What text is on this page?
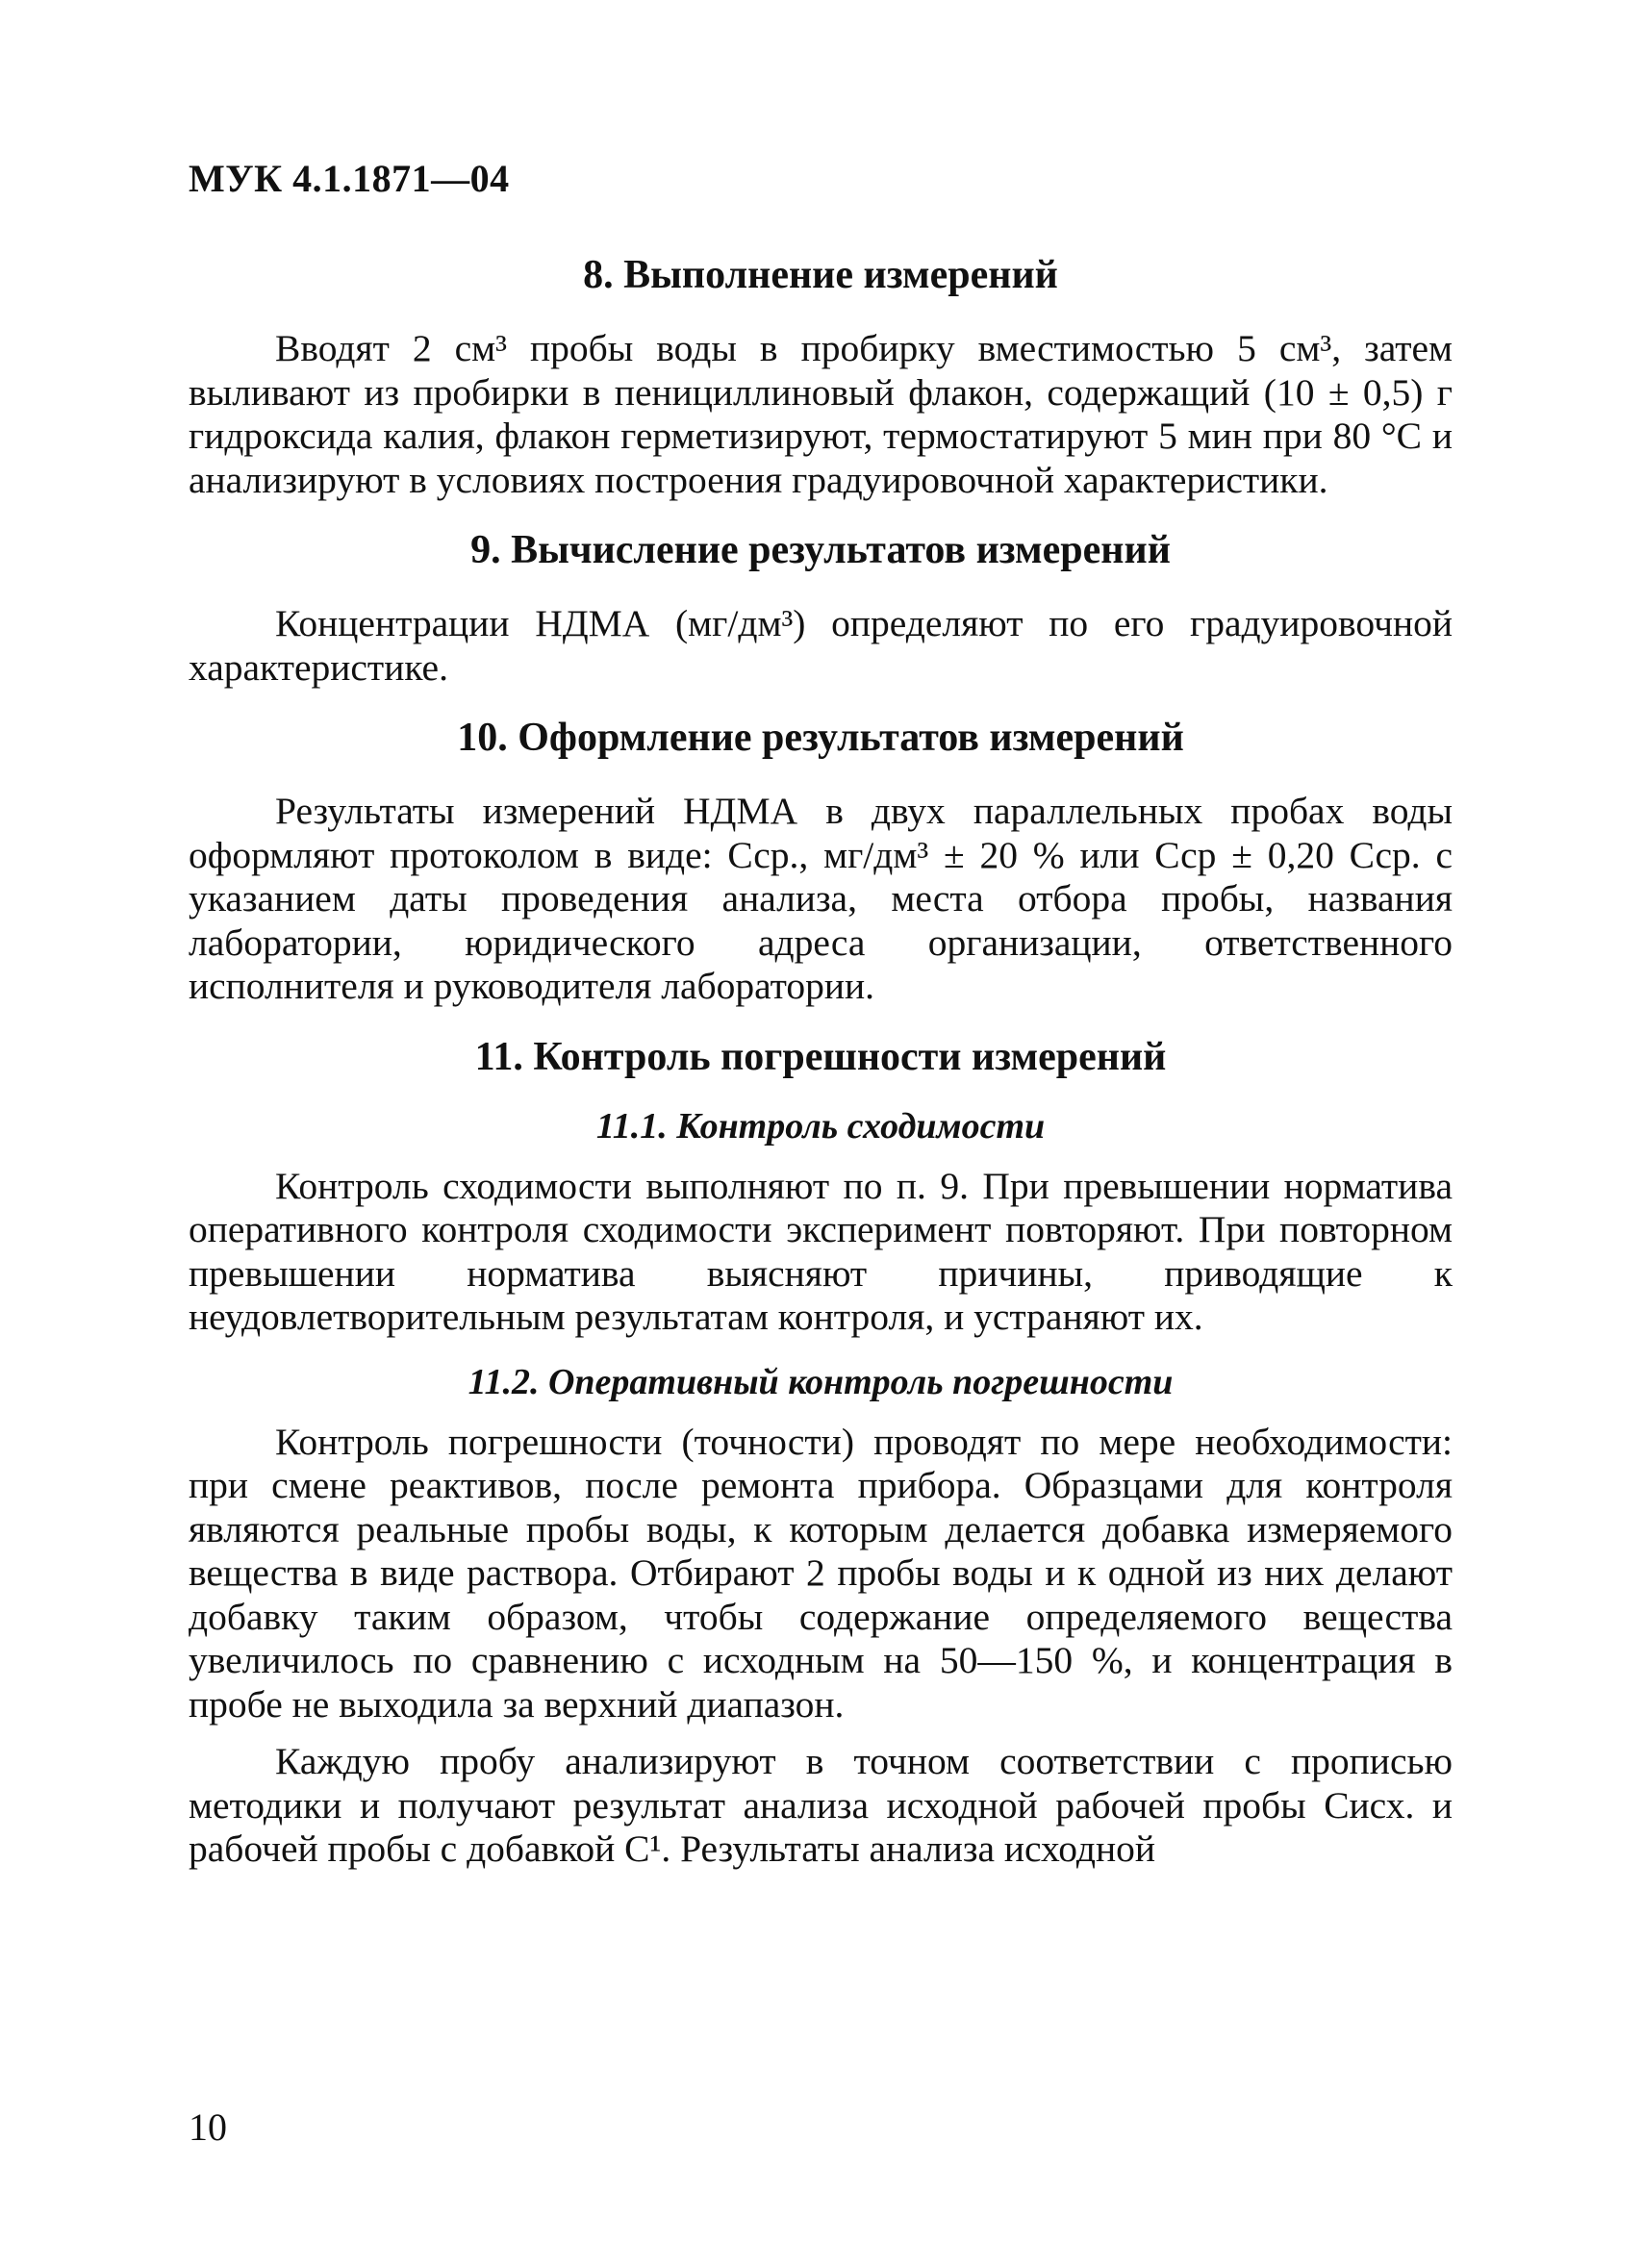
МУК 4.1.1871—04
8. Выполнение измерений

Вводят 2 см³ пробы воды в пробирку вместимостью 5 см³, затем выливают из пробирки в пенициллиновый флакон, содержащий (10 ± 0,5) г гидроксида калия, флакон герметизируют, термостатируют 5 мин при 80 °С и анализируют в условиях построения градуировочной характеристики.

9. Вычисление результатов измерений

Концентрации НДМА (мг/дм³) определяют по его градуировочной характеристике.

10. Оформление результатов измерений

Результаты измерений НДМА в двух параллельных пробах воды оформляют протоколом в виде: Сср., мг/дм³ ± 20 % или Сср ± 0,20 Сср. с указанием даты проведения анализа, места отбора пробы, названия лаборатории, юридического адреса организации, ответственного исполнителя и руководителя лаборатории.

11. Контроль погрешности измерений
11.1. Контроль сходимости

Контроль сходимости выполняют по п. 9. При превышении норматива оперативного контроля сходимости эксперимент повторяют. При повторном превышении норматива выясняют причины, приводящие к неудовлетворительным результатам контроля, и устраняют их.

11.2. Оперативный контроль погрешности

Контроль погрешности (точности) проводят по мере необходимости: при смене реактивов, после ремонта прибора. Образцами для контроля являются реальные пробы воды, к которым делается добавка измеряемого вещества в виде раствора. Отбирают 2 пробы воды и к одной из них делают добавку таким образом, чтобы содержание определяемого вещества увеличилось по сравнению с исходным на 50—150 %, и концентрация в пробе не выходила за верхний диапазон.

Каждую пробу анализируют в точном соответствии с прописью методики и получают результат анализа исходной рабочей пробы Сисх. и рабочей пробы с добавкой С¹. Результаты анализа исходной

10
